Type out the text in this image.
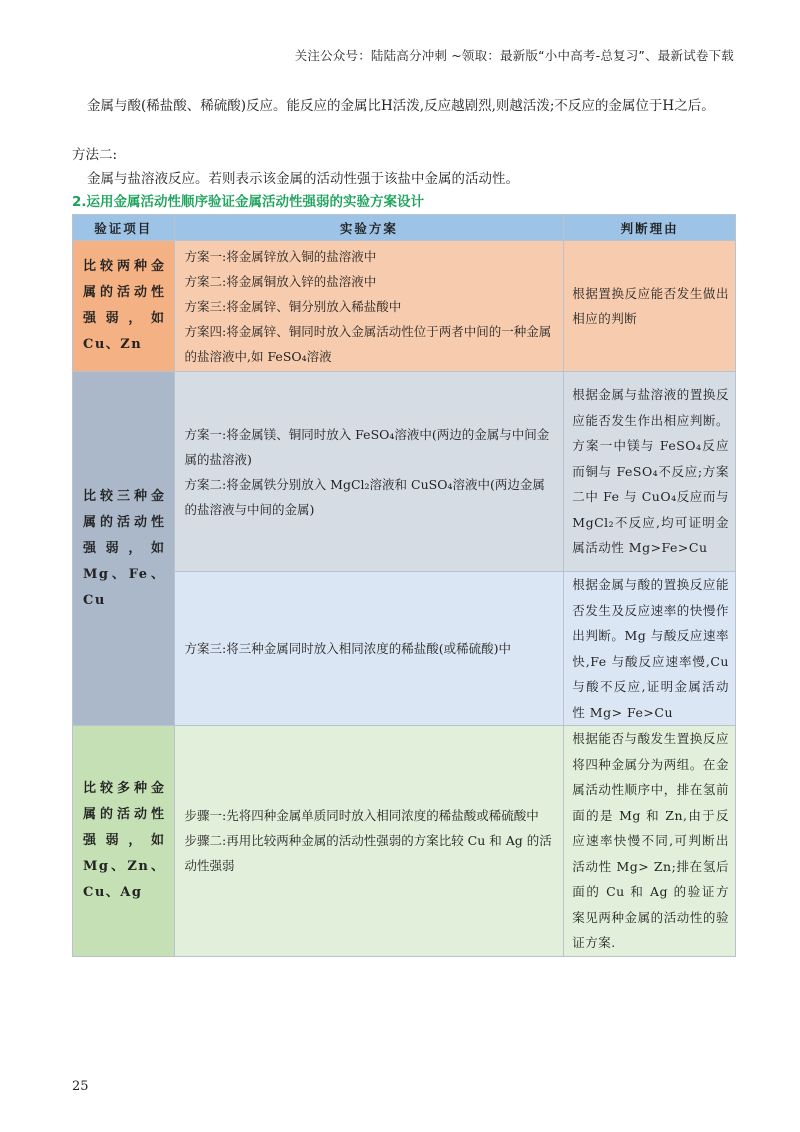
关注公众号：陆陆高分冲刺 ~领取：最新版“小中高考-总复习”、最新试卷下载
金属与酸(稀盐酸、稀硫酸)反应。能反应的金属比H活泼,反应越剧烈,则越活泼;不反应的金属位于H之后。
方法二:
金属与盐溶液反应。若则表示该金属的活动性强于该盐中金属的活动性。
2.运用金属活动性顺序验证金属活动性强弱的实验方案设计
验证项目	实验方案	判断理由
比较两种金属的活动性强弱，如 Cu、Zn	方案一:将金属锌放入铜的盐溶液中
方案二:将金属铜放入锌的盐溶液中
方案三:将金属锌、铜分别放入稀盐酸中
方案四:将金属锌、铜同时放入金属活动性位于两者中间的一种金属的盐溶液中,如 FeSO₄溶液	根据置换反应能否发生做出相应的判断
比较三种金属的活动性强弱，如 Mg、Fe、 Cu	方案一:将金属镁、铜同时放入 FeSO₄溶液中(两边的金属与中间金属的盐溶液)
方案二:将金属铁分别放入 MgCl₂溶液和 CuSO₄溶液中(两边金属的盐溶液与中间的金属)	根据金属与盐溶液的置换反应能否发生作出相应判断。方案一中镁与 FeSO₄反应而铜与 FeSO₄不反应;方案二中 Fe 与 CuO₄反应而与 MgCl₂不反应,均可证明金属活动性 Mg>Fe>Cu
	方案三:将三种金属同时放入相同浓度的稀盐酸(或稀硫酸)中	根据金属与酸的置换反应能否发生及反应速率的快慢作出判断。Mg 与酸反应速率快,Fe 与酸反应速率慢,Cu 与酸不反应,证明金属活动性 Mg> Fe>Cu
比较多种金属的活动性强弱，如 Mg、Zn、 Cu、Ag	步骤一:先将四种金属单质同时放入相同浓度的稀盐酸或稀硫酸中
步骤二:再用比较两种金属的活动性强弱的方案比较 Cu 和 Ag 的活动性强弱	根据能否与酸发生置换反应将四种金属分为两组。在金属活动性顺序中，排在氢前面的是 Mg 和 Zn,由于反应速率快慢不同,可判断出活动性 Mg> Zn;排在氢后面的 Cu 和 Ag 的验证方案见两种金属的活动性的验证方案.
25
